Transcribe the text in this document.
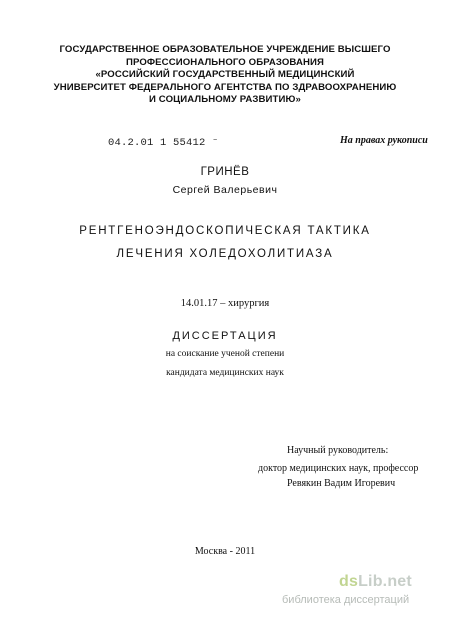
ГОСУДАРСТВЕННОЕ ОБРАЗОВАТЕЛЬНОЕ УЧРЕЖДЕНИЕ ВЫСШЕГО
ПРОФЕССИОНАЛЬНОГО ОБРАЗОВАНИЯ
«РОССИЙСКИЙ ГОСУДАРСТВЕННЫЙ МЕДИЦИНСКИЙ
УНИВЕРСИТЕТ ФЕДЕРАЛЬНОГО АГЕНТСТВА ПО ЗДРАВООХРАНЕНИЮ
И СОЦИАЛЬНОМУ РАЗВИТИЮ»
04.2.01 1 55412 ⁻	На правах рукописи
ГРИНЁВ
Сергей Валерьевич
РЕНТГЕНОЭНДОСКОПИЧЕСКАЯ ТАКТИКА
ЛЕЧЕНИЯ ХОЛЕДОХОЛИТИАЗА
14.01.17 – хирургия
ДИССЕРТАЦИЯ
на соискание ученой степени
кандидата медицинских наук
Научный руководитель:
доктор медицинских наук, профессор
Ревякин Вадим Игоревич
Москва - 2011
dsLib.net
библиотека диссертаций
